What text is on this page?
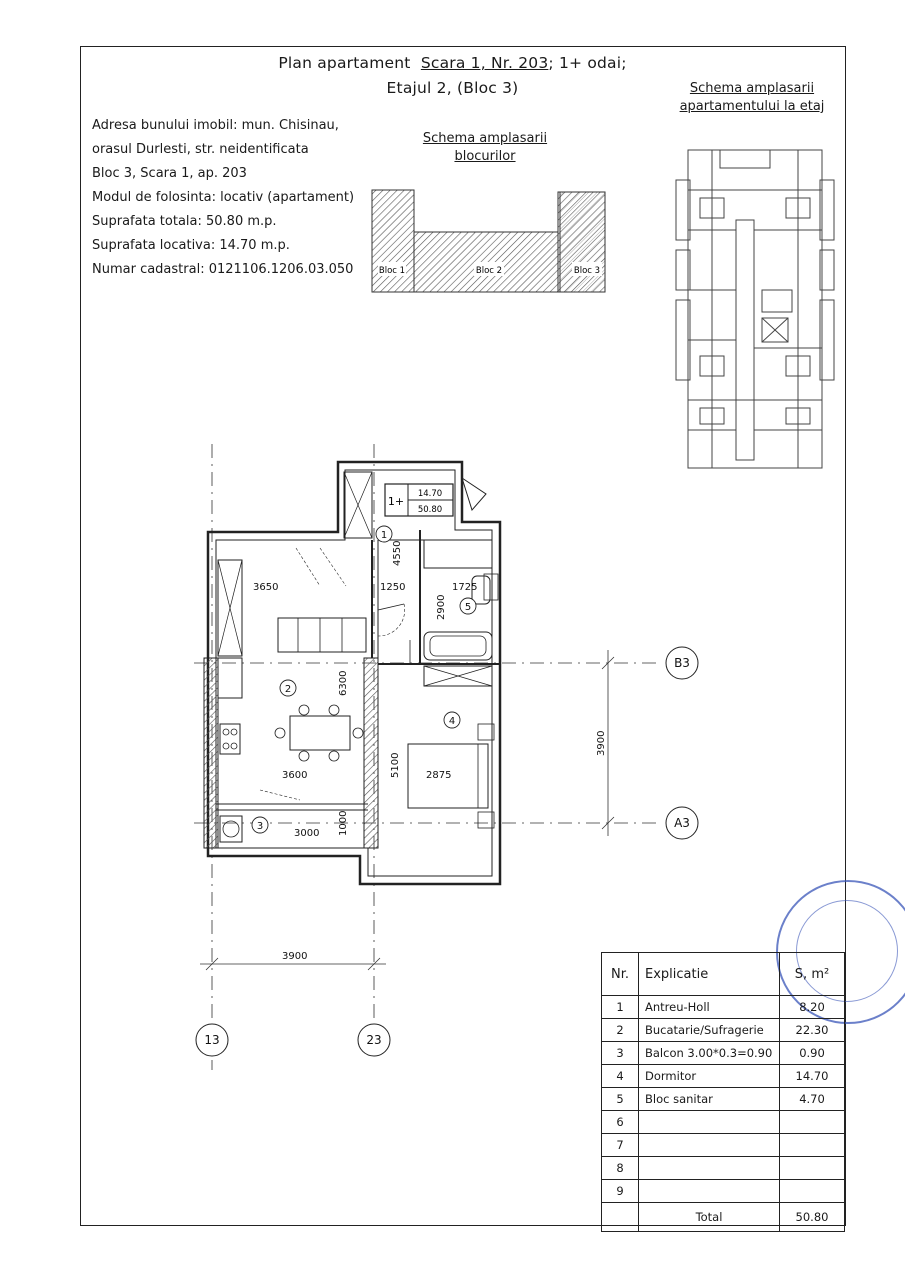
Plan apartament Scara 1, Nr. 203; 1+ odai;
Etajul 2, (Bloc 3)
Adresa bunului imobil: mun. Chisinau,
orasul Durlesti, str. neidentificata
Bloc 3, Scara 1, ap. 203
Modul de folosinta: locativ (apartament)
Suprafata totala: 50.80 m.p.
Suprafata locativa: 14.70 m.p.
Numar cadastral: 0121106.1206.03.050
Schema amplasarii
blocurilor
Schema amplasarii
apartamentului la etaj
Bloc 1	Bloc 2	Bloc 3
1+
14.70
50.80
1
2
3
4
5
3650	1250
4550
1725
2900
6300
3600	5100	2875
3000 1000
3900
3900
B3
A3
13	23
Nr.	Explicatie	S, m²
1	Antreu-Holl	8.20
2	Bucatarie/Sufragerie	22.30
3	Balcon 3.00*0.3=0.90	0.90
4	Dormitor	14.70
5	Bloc sanitar	4.70
6		
7		
8		
9		
	Total	50.80
